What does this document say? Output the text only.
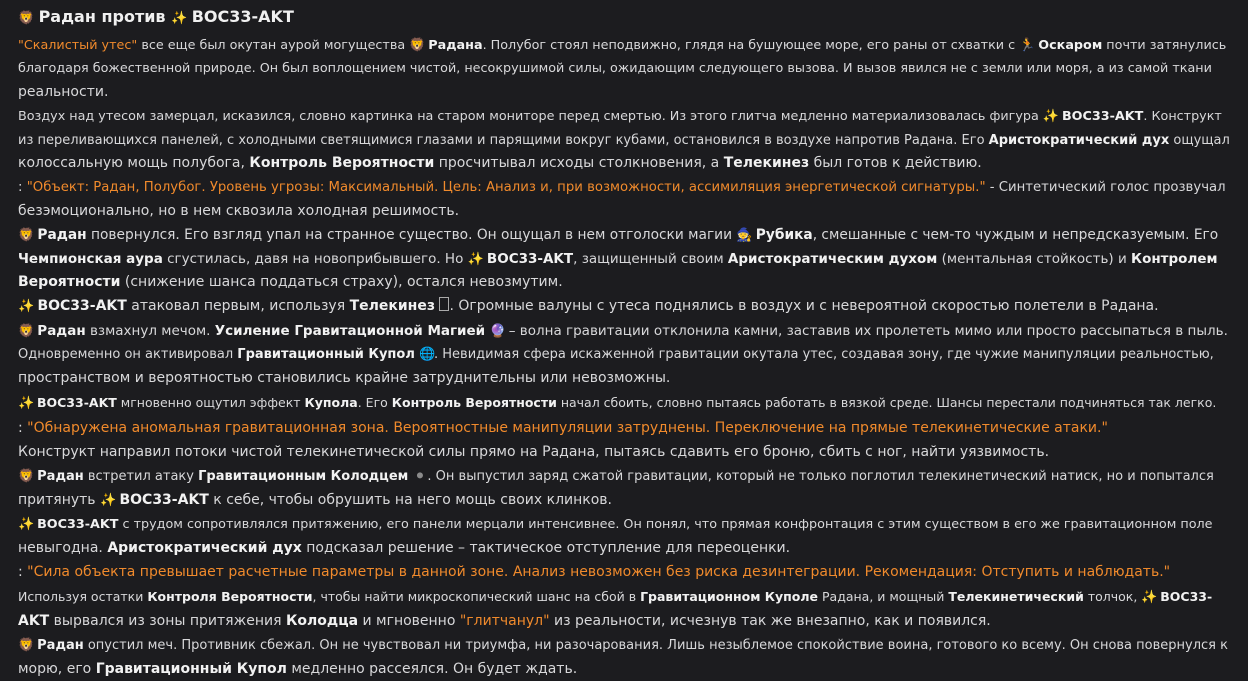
🦁 Радан против ✨ BOC33-AKT

"Скалистый утес" все еще был окутан аурой могущества 🦁 Радана. Полубог стоял неподвижно, глядя на бушующее море, его раны от схватки с 🏃 Оскаром почти затянулись
благодаря божественной природе. Он был воплощением чистой, несокрушимой силы, ожидающим следующего вызова. И вызов явился не с земли или моря, а из самой ткани
реальности.

Воздух над утесом замерцал, исказился, словно картинка на старом мониторе перед смертью. Из этого глитча медленно материализовалась фигура ✨ BOC33-AKT. Конструкт
из переливающихся панелей, с холодными светящимися глазами и парящими вокруг кубами, остановился в воздухе напротив Радана. Его Аристократический дух ощущал
колоссальную мощь полубога, Контроль Вероятности просчитывал исходы столкновения, а Телекинез был готов к действию.

: "Объект: Радан, Полубог. Уровень угрозы: Максимальный. Цель: Анализ и, при возможности, ассимиляция энергетической сигнатуры." - Синтетический голос прозвучал
безэмоционально, но в нем сквозила холодная решимость.

🦁 Радан повернулся. Его взгляд упал на странное существо. Он ощущал в нем отголоски магии 🧙 Рубика, смешанные с чем-то чуждым и непредсказуемым. Его
Чемпионская аура сгустилась, давя на новоприбывшего. Но ✨ BOC33-AKT, защищенный своим Аристократическим духом (ментальная стойкость) и Контролем
Вероятности (снижение шанса поддаться страху), остался невозмутим.

✨ BOC33-AKT атаковал первым, используя Телекинез . Огромные валуны с утеса поднялись в воздух и с невероятной скоростью полетели в Радана.

🦁 Радан взмахнул мечом. Усиление Гравитационной Магией 🔮 – волна гравитации отклонила камни, заставив их пролететь мимо или просто рассыпаться в пыль.
Одновременно он активировал Гравитационный Купол 🌐. Невидимая сфера искаженной гравитации окутала утес, создавая зону, где чужие манипуляции реальностью,
пространством и вероятностью становились крайне затруднительны или невозможны.

✨ BOC33-AKT мгновенно ощутил эффект Купола. Его Контроль Вероятности начал сбоить, словно пытаясь работать в вязкой среде. Шансы перестали подчиняться так легко.

: "Обнаружена аномальная гравитационная зона. Вероятностные манипуляции затруднены. Переключение на прямые телекинетические атаки."

Конструкт направил потоки чистой телекинетической силы прямо на Радана, пытаясь сдавить его броню, сбить с ног, найти уязвимость.

🦁 Радан встретил атаку Гравитационным Колодцем ⚫ . Он выпустил заряд сжатой гравитации, который не только поглотил телекинетический натиск, но и попытался
притянуть ✨ BOC33-AKT к себе, чтобы обрушить на него мощь своих клинков.

✨ BOC33-AKT с трудом сопротивлялся притяжению, его панели мерцали интенсивнее. Он понял, что прямая конфронтация с этим существом в его же гравитационном поле
невыгодна. Аристократический дух подсказал решение – тактическое отступление для переоценки.

: "Сила объекта превышает расчетные параметры в данной зоне. Анализ невозможен без риска дезинтеграции. Рекомендация: Отступить и наблюдать."

Используя остатки Контроля Вероятности, чтобы найти микроскопический шанс на сбой в Гравитационном Куполе Радана, и мощный Телекинетический толчок, ✨ BOC33-
AKT вырвался из зоны притяжения Колодца и мгновенно "глитчанул" из реальности, исчезнув так же внезапно, как и появился.

🦁 Радан опустил меч. Противник сбежал. Он не чувствовал ни триумфа, ни разочарования. Лишь незыблемое спокойствие воина, готового ко всему. Он снова повернулся к
морю, его Гравитационный Купол медленно рассеялся. Он будет ждать.
